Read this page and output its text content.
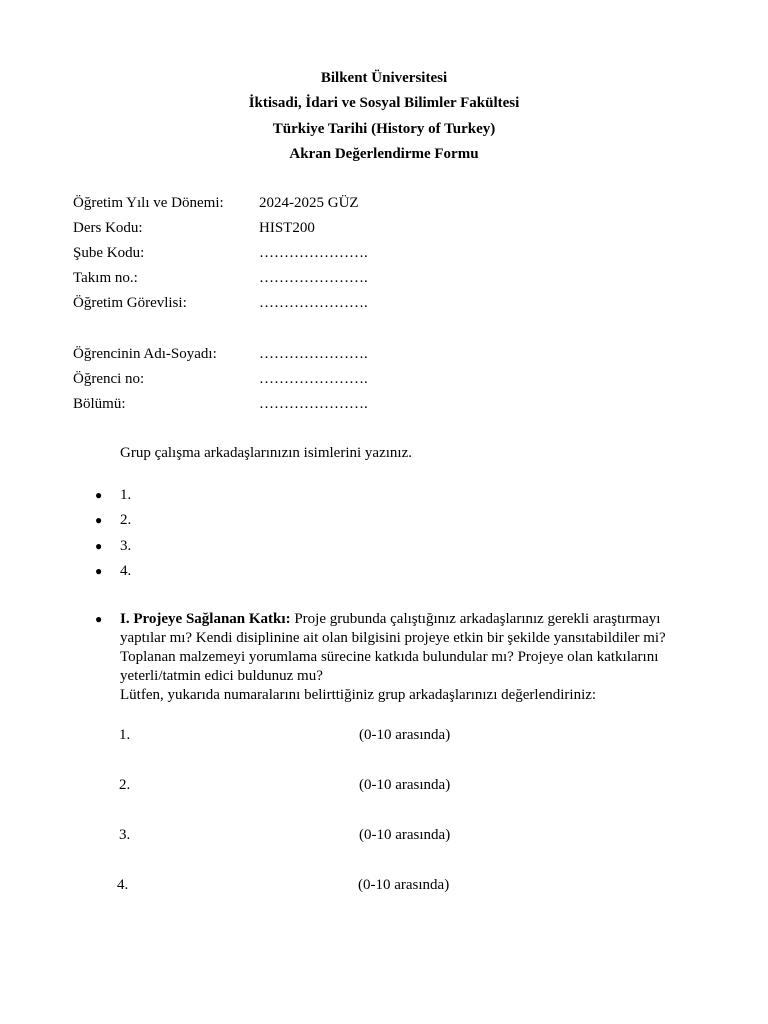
Bilkent Üniversitesi
İktisadi, İdari ve Sosyal Bilimler Fakültesi
Türkiye Tarihi (History of Turkey)
Akran Değerlendirme Formu
Öğretim Yılı ve Dönemi: 2024-2025 GÜZ
Ders Kodu:	HIST200
Şube Kodu:	………………….
Takım no.:	………………….
Öğretim Görevlisi:	………………….
Öğrencinin Adı-Soyadı:	………………….
Öğrenci no:	………………….
Bölümü:	………………….
Grup çalışma arkadaşlarınızın isimlerini yazınız.
● 1.
● 2.
● 3.
● 4.
●	I. Projeye Sağlanan Katkı: Proje grubunda çalıştığınız arkadaşlarınız gerekli araştırmayı yaptılar mı? Kendi disiplinine ait olan bilgisini projeye etkin bir şekilde yansıtabildiler mi? Toplanan malzemeyi yorumlama sürecine katkıda bulundular mı? Projeye olan katkılarını yeterli/tatmin edici buldunuz mu?
Lütfen, yukarıda numaralarını belirttiğiniz grup arkadaşlarınızı değerlendiriniz:
1.	(0-10 arasında)
2.	(0-10 arasında)
3.	(0-10 arasında)
4.	(0-10 arasında)
